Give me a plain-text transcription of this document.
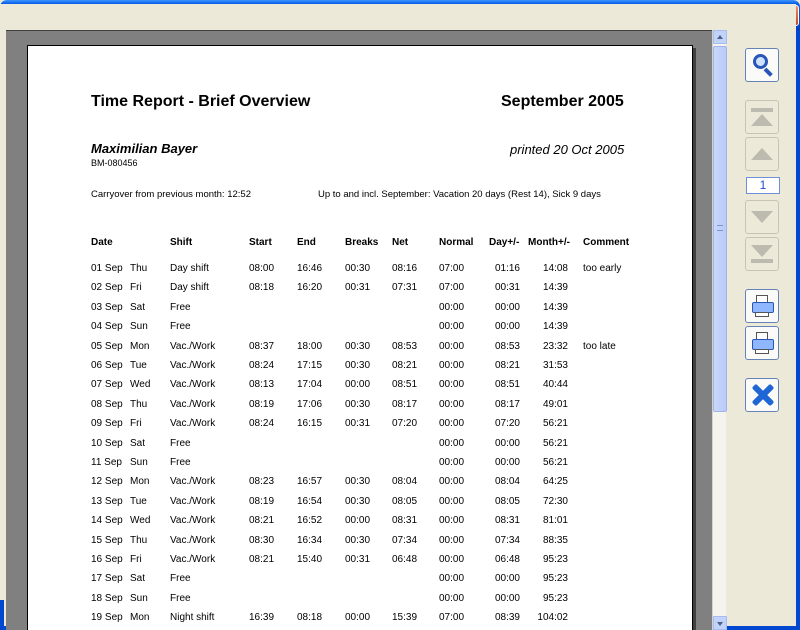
Time Report - Brief Overview	September 2005
Maximilian Bayer
BM-080456
printed 20 Oct 2005
Carryover from previous month: 12:52	Up to and incl. September: Vacation 20 days (Rest 14), Sick 9 days
Date	Shift	Start	End	Breaks Net	Normal Day+/- Month+/- Comment
01 Sep Thu Day shift	08:00 16:46 00:30 08:16 07:00	01:16	14:08 too early
02 Sep Fri	Day shift	08:18 16:20 00:31 07:31 07:00	00:31	14:39
03 Sep Sat Free	00:00	00:00	14:39
04 Sep Sun Free	00:00	00:00	14:39
05 Sep Mon Vac./Work	08:37 18:00 00:30 08:53 00:00	08:53	23:32 too late
06 Sep Tue Vac./Work	08:24 17:15 00:30 08:21 00:00	08:21	31:53
07 Sep Wed Vac./Work	08:13 17:04 00:00 08:51 00:00	08:51	40:44
08 Sep Thu Vac./Work	08:19 17:06 00:30 08:17 00:00	08:17	49:01
09 Sep Fri	Vac./Work	08:24 16:15 00:31 07:20 00:00	07:20	56:21
10 Sep Sat Free	00:00	00:00	56:21
11 Sep Sun Free	00:00	00:00	56:21
12 Sep Mon Vac./Work	08:23 16:57 00:30 08:04 00:00	08:04	64:25
13 Sep Tue Vac./Work	08:19 16:54 00:30 08:05 00:00	08:05	72:30
14 Sep Wed Vac./Work	08:21 16:52 00:00 08:31 00:00	08:31	81:01
15 Sep Thu Vac./Work	08:30 16:34 00:30 07:34 00:00	07:34	88:35
16 Sep Fri	Vac./Work	08:21 15:40 00:31 06:48 00:00	06:48	95:23
17 Sep Sat Free	00:00	00:00	95:23
18 Sep Sun Free	00:00	00:00	95:23
19 Sep Mon Night shift	16:39 08:18 00:00 15:39 07:00	08:39	104:02
1
